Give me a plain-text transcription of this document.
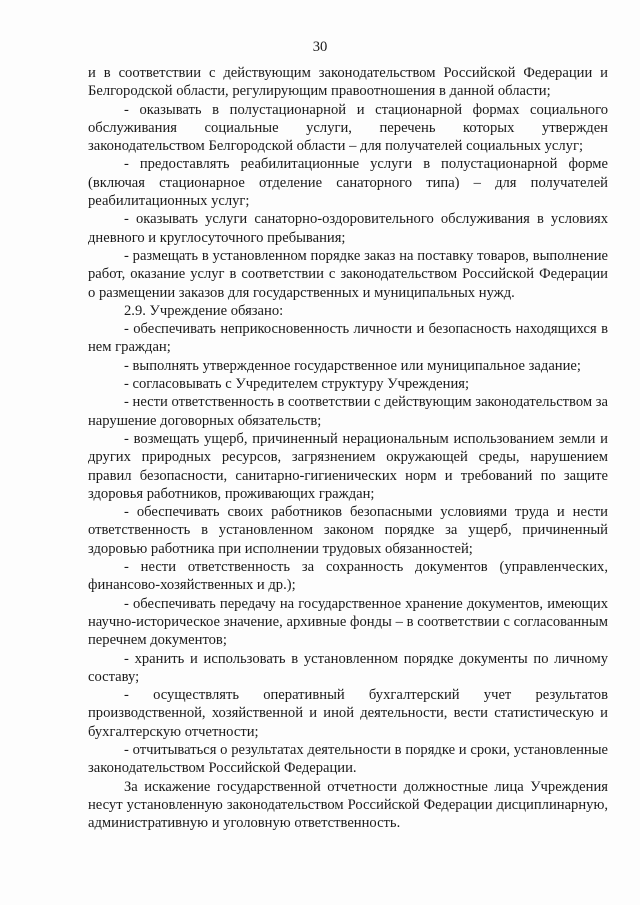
30

и в соответствии с действующим законодательством Российской Федерации и Белгородской области, регулирующим правоотношения в данной области;

- оказывать в полустационарной и стационарной формах социального обслуживания социальные услуги, перечень которых утвержден законодательством Белгородской области – для получателей социальных услуг;

- предоставлять реабилитационные услуги в полустационарной форме (включая стационарное отделение санаторного типа) – для получателей реабилитационных услуг;

- оказывать услуги санаторно-оздоровительного обслуживания в условиях дневного и круглосуточного пребывания;

- размещать в установленном порядке заказ на поставку товаров, выполнение работ, оказание услуг в соответствии с законодательством Российской Федерации о размещении заказов для государственных и муниципальных нужд.

2.9. Учреждение обязано:

- обеспечивать неприкосновенность личности и безопасность находящихся в нем граждан;

- выполнять утвержденное государственное или муниципальное задание;

- согласовывать с Учредителем структуру Учреждения;

- нести ответственность в соответствии с действующим законодательством за нарушение договорных обязательств;

- возмещать ущерб, причиненный нерациональным использованием земли и других природных ресурсов, загрязнением окружающей среды, нарушением правил безопасности, санитарно-гигиенических норм и требований по защите здоровья работников, проживающих граждан;

- обеспечивать своих работников безопасными условиями труда и нести ответственность в установленном законом порядке за ущерб, причиненный здоровью работника при исполнении трудовых обязанностей;

- нести ответственность за сохранность документов (управленческих, финансово-хозяйственных и др.);

- обеспечивать передачу на государственное хранение документов, имеющих научно-историческое значение, архивные фонды – в соответствии с согласованным перечнем документов;

- хранить и использовать в установленном порядке документы по личному составу;

- осуществлять оперативный бухгалтерский учет результатов производственной, хозяйственной и иной деятельности, вести статистическую и бухгалтерскую отчетности;

- отчитываться о результатах деятельности в порядке и сроки, установленные законодательством Российской Федерации.

За искажение государственной отчетности должностные лица Учреждения несут установленную законодательством Российской Федерации дисциплинарную, административную и уголовную ответственность.
